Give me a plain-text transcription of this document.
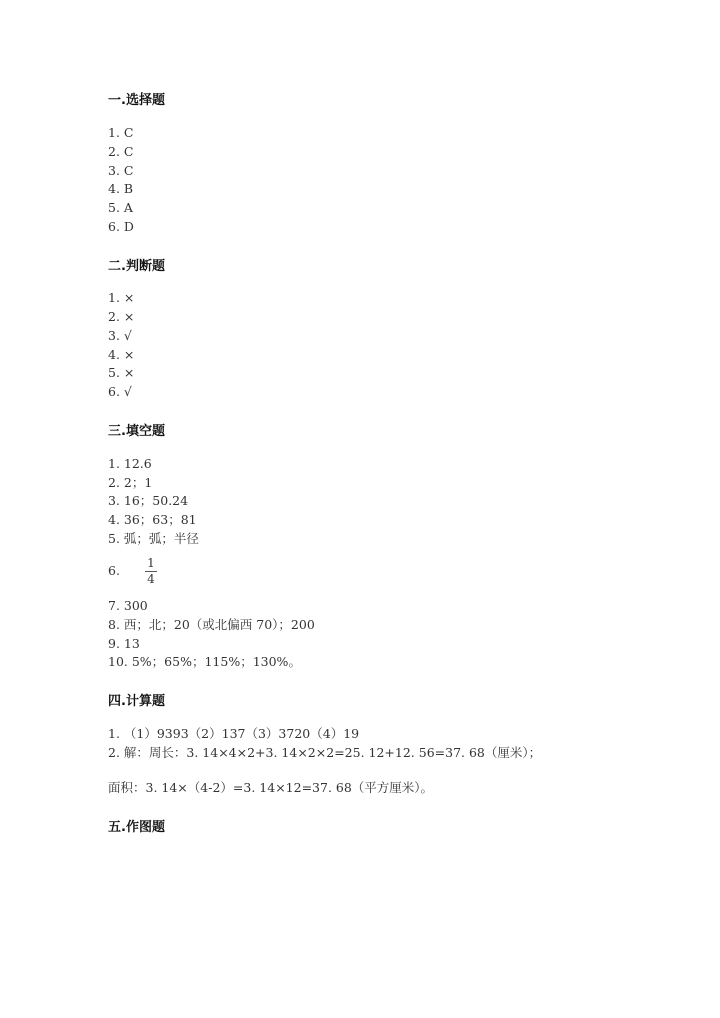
一.选择题
1. C
2. C
3. C
4. B
5. A
6. D
二.判断题
1. ×
2. ×
3. √
4. ×
5. ×
6. √
三.填空题
1. 12.6
2. 2；1
3. 16；50.24
4. 36；63；81
5. 弧；弧；半径
6. 1
4
7. 300
8. 西；北；20（或北偏西 70）；200
9. 13
10. 5%；65%；115%；130%。
四.计算题
1. （1）9393（2）137（3）3720（4）19
2. 解：周长：3. 14×4×2+3. 14×2×2=25. 12+12. 56=37. 68（厘米）；
面积：3. 14×（4-2）=3. 14×12=37. 68（平方厘米）。
五.作图题
